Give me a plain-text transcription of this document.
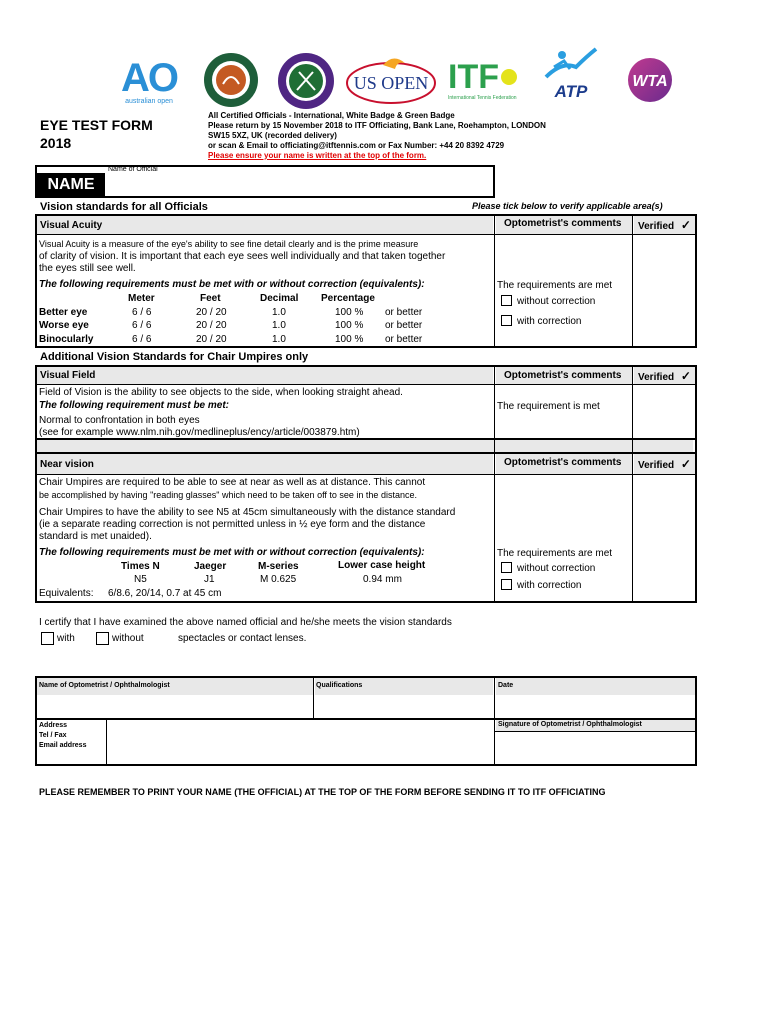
AO
australian open
US OPEN ITF
International Tennis Federation ATP
WTA
EYE TEST FORM
2018
All Certified Officials - International, White Badge & Green Badge
Please return by 15 November 2018 to ITF Officiating, Bank Lane, Roehampton, LONDON
SW15 5XZ, UK (recorded delivery)
or scan & Email to officiating@itftennis.com or Fax Number: +44 20 8392 4729
Please ensure your name is written at the top of the form.
Name of Official
NAME
Vision standards for all Officials	Please tick below to verify applicable area(s)
Visual Acuity	Optometrist's comments Verified ✓
Visual Acuity is a measure of the eye's ability to see fine detail clearly and is the prime measure
of clarity of vision. It is important that each eye sees well individually and that taken together
the eyes still see well.
The following requirements must be met with or without correction (equivalents):
Meter	Feet	Decimal Percentage
Better eye	6 / 6	20 / 20	1.0	100 % or better
Worse eye	6 / 6	20 / 20	1.0	100 % or better
Binocularly	6 / 6	20 / 20	1.0	100 % or better
The requirements are met
without correction
with correction
Additional Vision Standards for Chair Umpires only
Visual Field	Optometrist's comments Verified ✓
Field of Vision is the ability to see objects to the side, when looking straight ahead.
The following requirement must be met:
Normal to confrontation in both eyes
(see for example www.nlm.nih.gov/medlineplus/ency/article/003879.htm)
The requirement is met
Near vision	Optometrist's comments Verified ✓
Chair Umpires are required to be able to see at near as well as at distance. This cannot
be accomplished by having "reading glasses" which need to be taken off to see in the distance.
Chair Umpires to have the ability to see N5 at 45cm simultaneously with the distance standard
(ie a separate reading correction is not permitted unless in ½ eye form and the distance
standard is met unaided).
The following requirements must be met with or without correction (equivalents):
Times N	Jaeger	M-series	Lower case height
N5	J1	M 0.625	0.94 mm
Equivalents: 6/8.6, 20/14, 0.7 at 45 cm
The requirements are met
without correction
with correction
I certify that I have examined the above named official and he/she meets the vision standards
with	without	spectacles or contact lenses.
Name of Optometrist / Ophthalmologist	Qualifications	Date
Address
Tel / Fax
Email address
Signature of Optometrist / Ophthalmologist
PLEASE REMEMBER TO PRINT YOUR NAME (THE OFFICIAL) AT THE TOP OF THE FORM BEFORE SENDING IT TO ITF OFFICIATING
